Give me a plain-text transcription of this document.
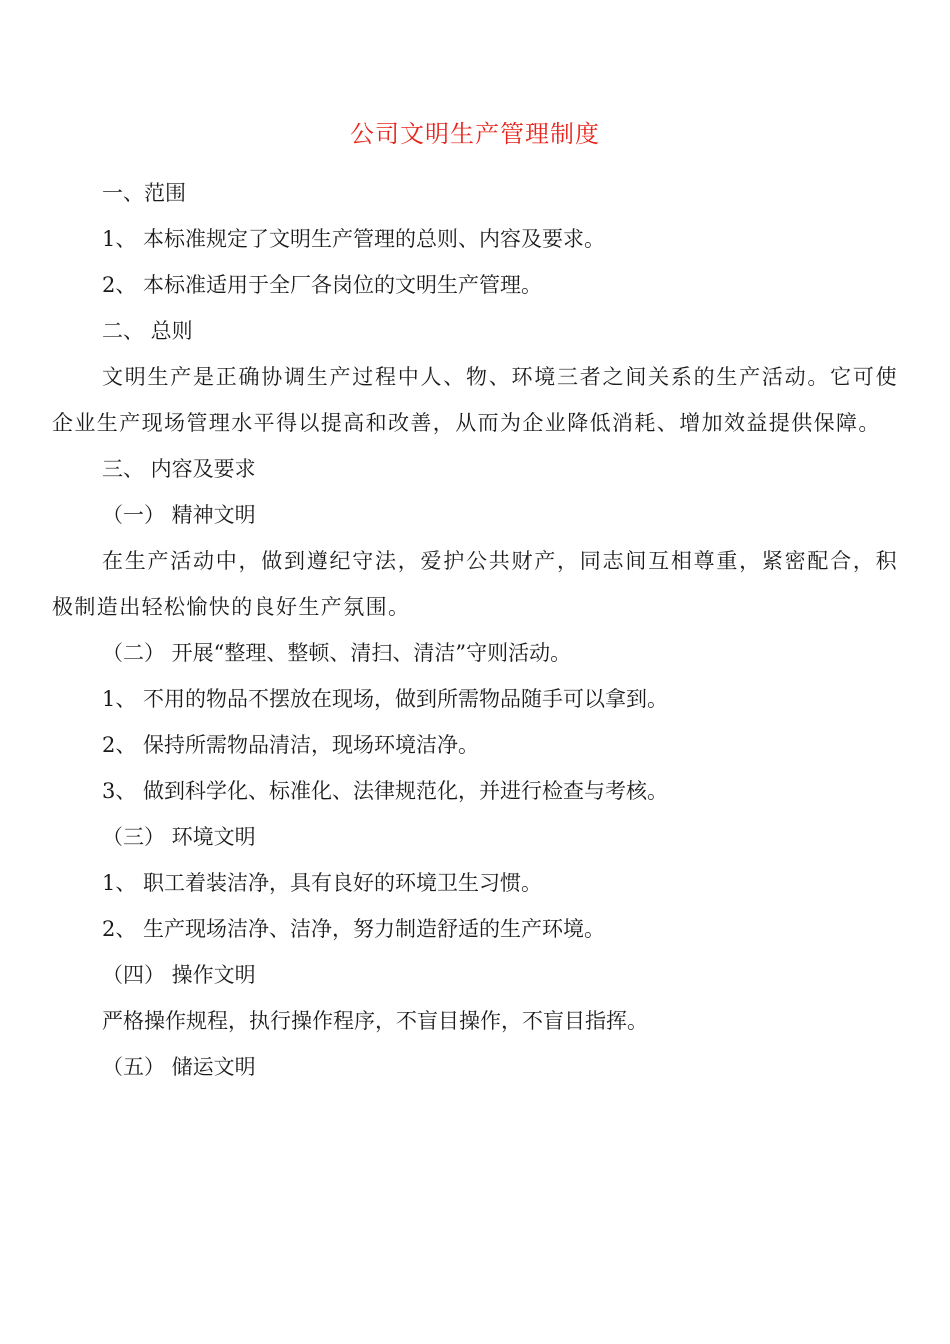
公司文明生产管理制度

一、范围

1、 本标准规定了文明生产管理的总则、内容及要求。

2、 本标准适用于全厂各岗位的文明生产管理。

二、 总则

文明生产是正确协调生产过程中人、物、环境三者之间关系的生产活动。它可使企业生产现场管理水平得以提高和改善，从而为企业降低消耗、增加效益提供保障。

三、 内容及要求

（一） 精神文明

在生产活动中，做到遵纪守法，爱护公共财产，同志间互相尊重，紧密配合，积极制造出轻松愉快的良好生产氛围。

（二） 开展“整理、整顿、清扫、清洁”守则活动。

1、 不用的物品不摆放在现场，做到所需物品随手可以拿到。

2、 保持所需物品清洁，现场环境洁净。

3、 做到科学化、标准化、法律规范化，并进行检查与考核。

（三） 环境文明

1、 职工着装洁净，具有良好的环境卫生习惯。

2、 生产现场洁净、洁净，努力制造舒适的生产环境。

（四） 操作文明

严格操作规程，执行操作程序，不盲目操作，不盲目指挥。

（五） 储运文明
